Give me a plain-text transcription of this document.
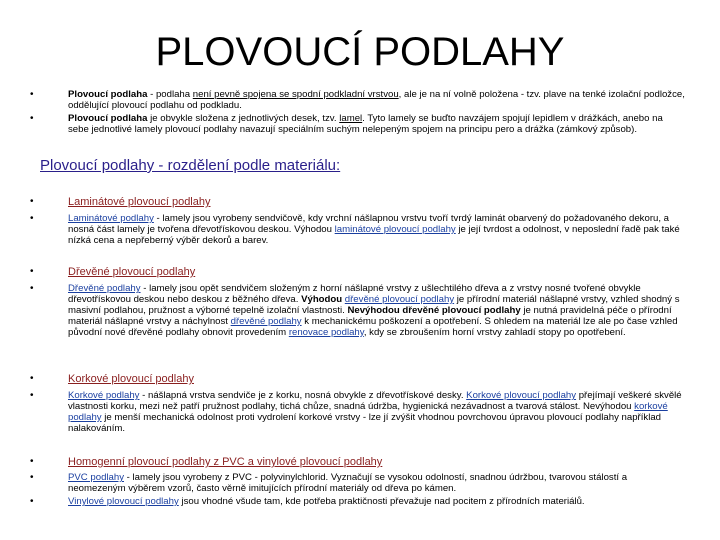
PLOVOUCÍ PODLAHY
•	Plovoucí podlaha - podlaha není pevně spojena se spodní podkladní vrstvou, ale je na ní volně položena - tzv. plave na tenké izolační podložce, oddělující plovoucí podlahu od podkladu.
•	Plovoucí podlaha je obvykle složena z jednotlivých desek, tzv. lamel. Tyto lamely se buďto navzájem spojují lepidlem v drážkách, anebo na sebe jednotlivé lamely plovoucí podlahy navazují speciálním suchým nelepeným spojem na principu pero a drážka (zámkový způsob).
Plovoucí podlahy - rozdělení podle materiálu:
•	Laminátové plovoucí podlahy
•	Laminátové podlahy - lamely jsou vyrobeny sendvičově, kdy vrchní nášlapnou vrstvu tvoří tvrdý laminát obarvený do požadovaného dekoru, a nosná část lamely je tvořena dřevotřískovou deskou. Výhodou laminátové plovoucí podlahy je její tvrdost a odolnost, v neposlední řadě pak také nízká cena a nepřeberný výběr dekorů a barev.
•	Dřevěné plovoucí podlahy
•	Dřevěné podlahy - lamely jsou opět sendvičem složeným z horní nášlapné vrstvy z ušlechtilého dřeva a z vrstvy nosné tvořené obvykle dřevotřískovou deskou nebo deskou z běžného dřeva. Výhodou dřevěné plovoucí podlahy je přírodní materiál nášlapné vrstvy, vzhled shodný s masivní podlahou, pružnost a výborné tepelně izolační vlastnosti. Nevýhodou dřevěné plovoucí podlahy je nutná pravidelná péče o přírodní materiál nášlapné vrstvy a náchylnost dřevěné podlahy k mechanickému poškození a opotřebení. S ohledem na materiál lze ale po čase vzhled původní nové dřevěné podlahy obnovit provedením renovace podlahy, kdy se zbroušením horní vrstvy zahladí stopy po opotřebení.
•	Korkové plovoucí podlahy
•	Korkové podlahy - nášlapná vrstva sendviče je z korku, nosná obvykle z dřevotřískové desky. Korkové plovoucí podlahy přejímají veškeré skvělé vlastnosti korku, mezi než patří pružnost podlahy, tichá chůze, snadná údržba, hygienická nezávadnost a tvarová stálost. Nevýhodou korkové podlahy je menší mechanická odolnost proti vydrolení korkové vrstvy - lze jí zvýšit vhodnou povrchovou úpravou plovoucí podlahy například nalakováním.
•	Homogenní plovoucí podlahy z PVC a vinylové plovoucí podlahy
•	PVC podlahy - lamely jsou vyrobeny z PVC - polyvinylchlorid. Vyznačují se vysokou odolností, snadnou údržbou, tvarovou stálostí a neomezeným výběrem vzorů, často věrně imitujících přírodní materiály od dřeva po kámen.
•	Vinylové plovoucí podlahy jsou vhodné všude tam, kde potřeba praktičnosti převažuje nad pocitem z přírodních materiálů.
